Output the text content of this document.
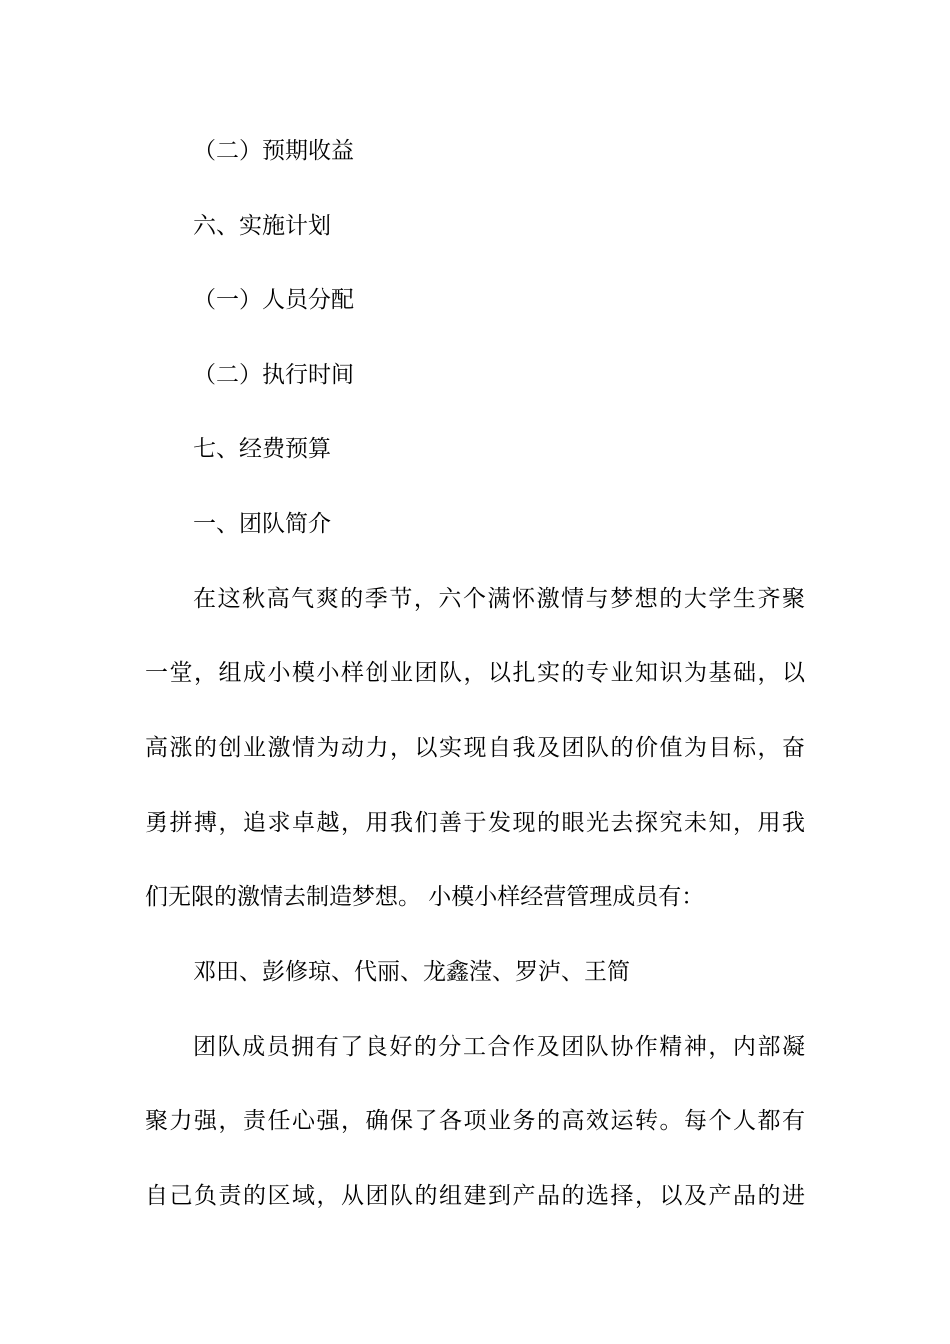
（二）预期收益
六、实施计划
（一）人员分配
（二）执行时间
七、经费预算
一、团队简介
在这秋高气爽的季节，六个满怀激情与梦想的大学生齐聚
一堂，组成小模小样创业团队，以扎实的专业知识为基础，以
高涨的创业激情为动力，以实现自我及团队的价值为目标，奋
勇拼搏，追求卓越，用我们善于发现的眼光去探究未知，用我
们无限的激情去制造梦想。 小模小样经营管理成员有：
邓田、彭修琼、代丽、龙鑫滢、罗泸、王简
团队成员拥有了良好的分工合作及团队协作精神，内部凝
聚力强，责任心强，确保了各项业务的高效运转。每个人都有
自己负责的区域，从团队的组建到产品的选择，以及产品的进
